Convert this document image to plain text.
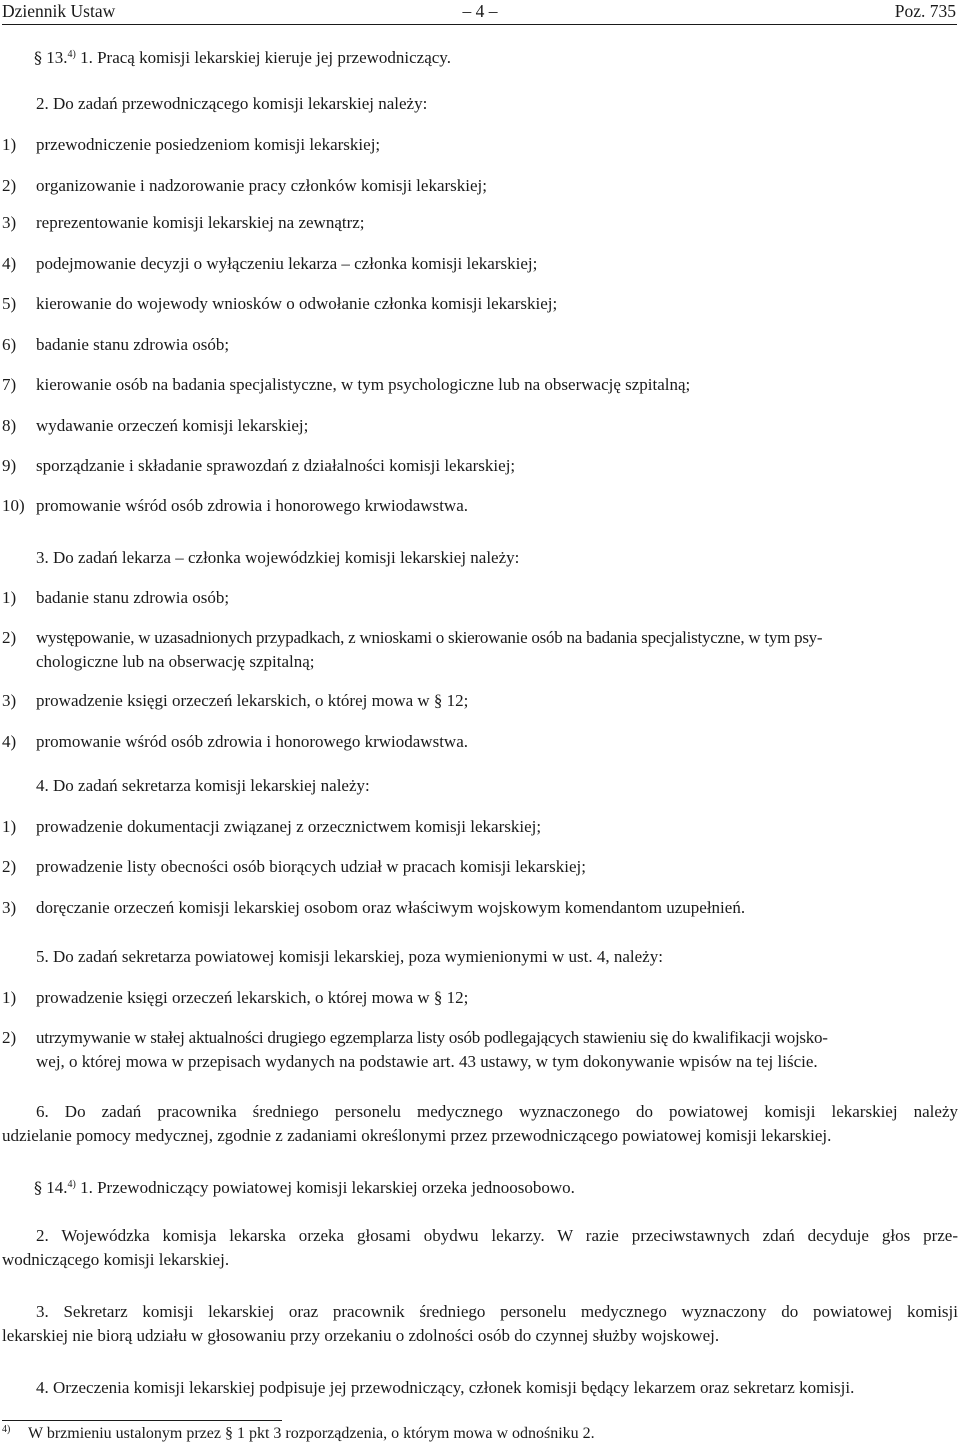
Dziennik Ustaw	– 4 –	Poz. 735
§ 13.$^{4)}$ 1. Pracą komisji lekarskiej kieruje jej przewodniczący.
2. Do zadań przewodniczącego komisji lekarskiej należy:
1) przewodniczenie posiedzeniom komisji lekarskiej;
2) organizowanie i nadzorowanie pracy członków komisji lekarskiej;
3) reprezentowanie komisji lekarskiej na zewnątrz;
4) podejmowanie decyzji o wyłączeniu lekarza – członka komisji lekarskiej;
5) kierowanie do wojewody wniosków o odwołanie członka komisji lekarskiej;
6) badanie stanu zdrowia osób;
7) kierowanie osób na badania specjalistyczne, w tym psychologiczne lub na obserwację szpitalną;
8) wydawanie orzeczeń komisji lekarskiej;
9) sporządzanie i składanie sprawozdań z działalności komisji lekarskiej;
10) promowanie wśród osób zdrowia i honorowego krwiodawstwa.
3. Do zadań lekarza – członka wojewódzkiej komisji lekarskiej należy:
1) badanie stanu zdrowia osób;
2) występowanie, w uzasadnionych przypadkach, z wnioskami o skierowanie osób na badania specjalistyczne, w tym psy-
chologiczne lub na obserwację szpitalną;
3) prowadzenie księgi orzeczeń lekarskich, o której mowa w § 12;
4) promowanie wśród osób zdrowia i honorowego krwiodawstwa.
4. Do zadań sekretarza komisji lekarskiej należy:
1) prowadzenie dokumentacji związanej z orzecznictwem komisji lekarskiej;
2) prowadzenie listy obecności osób biorących udział w pracach komisji lekarskiej;
3) doręczanie orzeczeń komisji lekarskiej osobom oraz właściwym wojskowym komendantom uzupełnień.
5. Do zadań sekretarza powiatowej komisji lekarskiej, poza wymienionymi w ust. 4, należy:
1) prowadzenie księgi orzeczeń lekarskich, o której mowa w § 12;
2) utrzymywanie w stałej aktualności drugiego egzemplarza listy osób podlegających stawieniu się do kwalifikacji wojsko-
wej, o której mowa w przepisach wydanych na podstawie art. 43 ustawy, w tym dokonywanie wpisów na tej liście.
6. Do zadań pracownika średniego personelu medycznego wyznaczonego do powiatowej komisji lekarskiej należy
udzielanie pomocy medycznej, zgodnie z zadaniami określonymi przez przewodniczącego powiatowej komisji lekarskiej.
§ 14.$^{4)}$ 1. Przewodniczący powiatowej komisji lekarskiej orzeka jednoosobowo.
2. Wojewódzka komisja lekarska orzeka głosami obydwu lekarzy. W razie przeciwstawnych zdań decyduje głos prze-
wodniczącego komisji lekarskiej.
3. Sekretarz komisji lekarskiej oraz pracownik średniego personelu medycznego wyznaczony do powiatowej komisji
lekarskiej nie biorą udziału w głosowaniu przy orzekaniu o zdolności osób do czynnej służby wojskowej.
4. Orzeczenia komisji lekarskiej podpisuje jej przewodniczący, członek komisji będący lekarzem oraz sekretarz komisji.
$^{4)}$ W brzmieniu ustalonym przez § 1 pkt 3 rozporządzenia, o którym mowa w odnośniku 2.
